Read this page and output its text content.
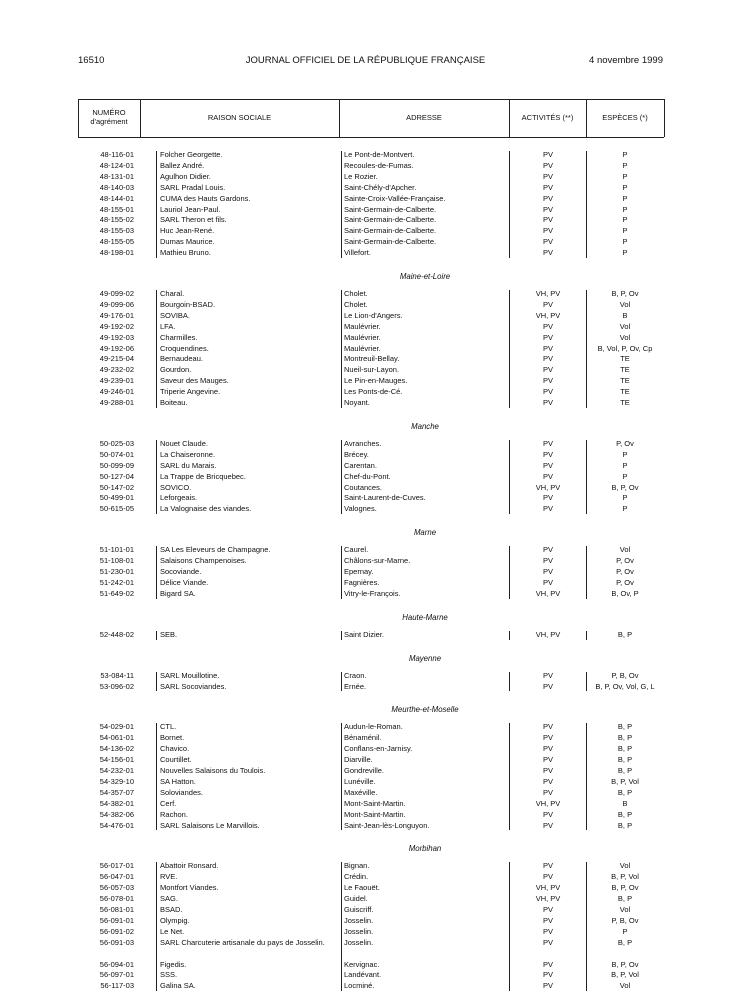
16510	JOURNAL OFFICIEL DE LA RÉPUBLIQUE FRANÇAISE	4 novembre 1999
NUMÉRO
d'agrément	RAISON SOCIALE	ADRESSE	ACTIVITÉS (**)	ESPÈCES (*)
48-116-01	Folcher Georgette.	Le Pont-de-Montvert.	PV	P
48-124-01	Ballez André.	Recoules-de-Fumas.	PV	P
48-131-01	Agulhon Didier.	Le Rozier.	PV	P
48-140-03	SARL Pradal Louis.	Saint-Chély-d'Apcher.	PV	P
48-144-01	CUMA des Hauts Gardons.	Sainte-Croix-Vallée-Française.	PV	P
48-155-01	Lauriol Jean-Paul.	Saint-Germain-de-Calberte.	PV	P
48-155-02	SARL Theron et fils.	Saint-Germain-de-Calberte.	PV	P
48-155-03	Huc Jean-René.	Saint-Germain-de-Calberte.	PV	P
48-155-05	Dumas Maurice.	Saint-Germain-de-Calberte.	PV	P
48-198-01	Mathieu Bruno.	Villefort.	PV	P
Maine-et-Loire
49-099-02	Charal.	Cholet.	VH, PV	B, P, Ov
49-099-06	Bourgoin-BSAD.	Cholet.	PV	Vol
49-176-01	SOVIBA.	Le Lion-d'Angers.	VH, PV	B
49-192-02	LFA.	Maulévrier.	PV	Vol
49-192-03	Charmilles.	Maulévrier.	PV	Vol
49-192-06	Croquendines.	Maulévrier.	PV	B, Vol, P, Ov, Cp
49-215-04	Bernaudeau.	Montreuil-Bellay.	PV	TE
49-232-02	Gourdon.	Nueil-sur-Layon.	PV	TE
49-239-01	Saveur des Mauges.	Le Pin-en-Mauges.	PV	TE
49-246-01	Triperie Angevine.	Les Ponts-de-Cé.	PV	TE
49-288-01	Boiteau.	Noyant.	PV	TE
Manche
50-025-03	Nouet Claude.	Avranches.	PV	P, Ov
50-074-01	La Chaiseronne.	Brécey.	PV	P
50-099-09	SARL du Marais.	Carentan.	PV	P
50-127-04	La Trappe de Bricquebec.	Chef-du-Pont.	PV	P
50-147-02	SOVICO.	Coutances.	VH, PV	B, P, Ov
50-499-01	Leforgeais.	Saint-Laurent-de-Cuves.	PV	P
50-615-05	La Valognaise des viandes.	Valognes.	PV	P
Marne
51-101-01	SA Les Eleveurs de Champagne.	Caurel.	PV	Vol
51-108-01	Salaisons Champenoises.	Châlons-sur-Marne.	PV	P, Ov
51-230-01	Socoviande.	Epernay.	PV	P, Ov
51-242-01	Délice Viande.	Fagnières.	PV	P, Ov
51-649-02	Bigard SA.	Vitry-le-François.	VH, PV	B, Ov, P
Haute-Marne
52-448-02	SEB.	Saint Dizier.	VH, PV	B, P
Mayenne
53-084-11	SARL Mouillotine.	Craon.	PV	P, B, Ov
53-096-02	SARL Socoviandes.	Ernée.	PV	B, P, Ov, Vol, G, L
Meurthe-et-Moselle
54-029-01	CTL.	Audun-le-Roman.	PV	B, P
54-061-01	Bornet.	Bénaménil.	PV	B, P
54-136-02	Chavico.	Conflans-en-Jarnisy.	PV	B, P
54-156-01	Courtillet.	Diarville.	PV	B, P
54-232-01	Nouvelles Salaisons du Toulois.	Gondreville.	PV	B, P
54-329-10	SA Hatton.	Lunéville.	PV	B, P, Vol
54-357-07	Soloviandes.	Maxéville.	PV	B, P
54-382-01	Cerf.	Mont-Saint-Martin.	VH, PV	B
54-382-06	Rachon.	Mont-Saint-Martin.	PV	B, P
54-476-01	SARL Salaisons Le Marvillois.	Saint-Jean-lès-Longuyon.	PV	B, P
Morbihan
56-017-01	Abattoir Ronsard.	Bignan.	PV	Vol
56-047-01	RVE.	Crédin.	PV	B, P, Vol
56-057-03	Montfort Viandes.	Le Faouët.	VH, PV	B, P, Ov
56-078-01	SAG.	Guidel.	VH, PV	B, P
56-081-01	BSAD.	Guiscriff.	PV	Vol
56-091-01	Olympig.	Josselin.	PV	P, B, Ov
56-091-02	Le Net.	Josselin.	PV	P
56-091-03	SARL Charcuterie artisanale du pays de Josselin.	Josselin.	PV	B, P
56-094-01	Figedis.	Kervignac.	PV	B, P, Ov
56-097-01	SSS.	Landévant.	PV	B, P, Vol
56-117-03	Galina SA.	Locminé.	PV	Vol
